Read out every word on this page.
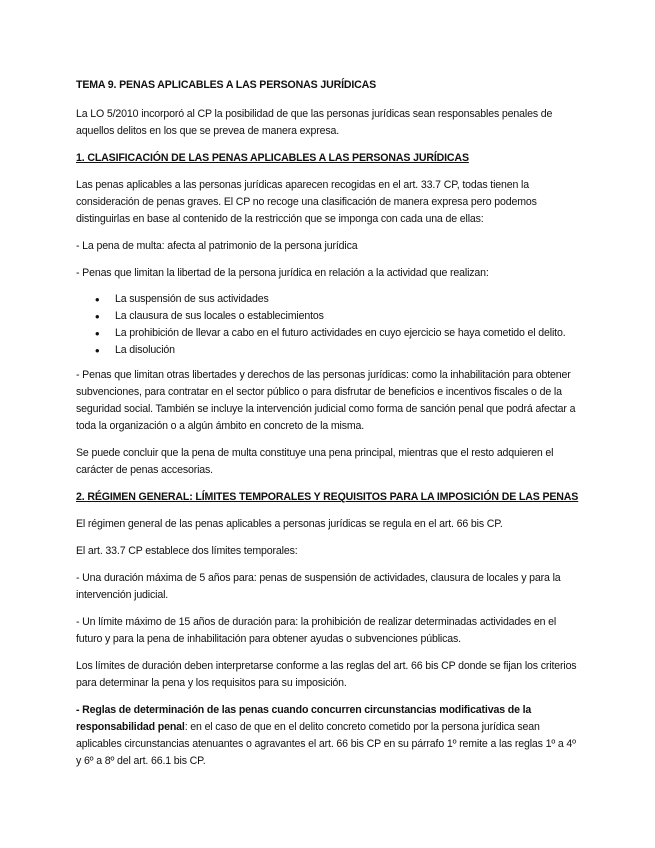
TEMA 9. PENAS APLICABLES A LAS PERSONAS JURÍDICAS

La LO 5/2010 incorporó al CP la posibilidad de que las personas jurídicas sean responsables penales de aquellos delitos en los que se prevea de manera expresa.

1. CLASIFICACIÓN DE LAS PENAS APLICABLES A LAS PERSONAS JURÍDICAS

Las penas aplicables a las personas jurídicas aparecen recogidas en el art. 33.7 CP, todas tienen la consideración de penas graves. El CP no recoge una clasificación de manera expresa pero podemos distinguirlas en base al contenido de la restricción que se imponga con cada una de ellas:

- La pena de multa: afecta al patrimonio de la persona jurídica

- Penas que limitan la libertad de la persona jurídica en relación a la actividad que realizan:

• La suspensión de sus actividades
• La clausura de sus locales o establecimientos
• La prohibición de llevar a cabo en el futuro actividades en cuyo ejercicio se haya cometido el delito.
• La disolución

- Penas que limitan otras libertades y derechos de las personas jurídicas: como la inhabilitación para obtener subvenciones, para contratar en el sector público o para disfrutar de beneficios e incentivos fiscales o de la seguridad social. También se incluye la intervención judicial como forma de sanción penal que podrá afectar a toda la organización o a algún ámbito en concreto de la misma.

Se puede concluir que la pena de multa constituye una pena principal, mientras que el resto adquieren el carácter de penas accesorias.

2. RÉGIMEN GENERAL: LÍMITES TEMPORALES Y REQUISITOS PARA LA IMPOSICIÓN DE LAS PENAS

El régimen general de las penas aplicables a personas jurídicas se regula en el art. 66 bis CP.

El art. 33.7 CP establece dos límites temporales:

- Una duración máxima de 5 años para: penas de suspensión de actividades, clausura de locales y para la intervención judicial.

- Un límite máximo de 15 años de duración para: la prohibición de realizar determinadas actividades en el futuro y para la pena de inhabilitación para obtener ayudas o subvenciones públicas.

Los límites de duración deben interpretarse conforme a las reglas del art. 66 bis CP donde se fijan los criterios para determinar la pena y los requisitos para su imposición.

- Reglas de determinación de las penas cuando concurren circunstancias modificativas de la responsabilidad penal: en el caso de que en el delito concreto cometido por la persona jurídica sean aplicables circunstancias atenuantes o agravantes el art. 66 bis CP en su párrafo 1º remite a las reglas 1º a 4º y 6º a 8º del art. 66.1 bis CP.
